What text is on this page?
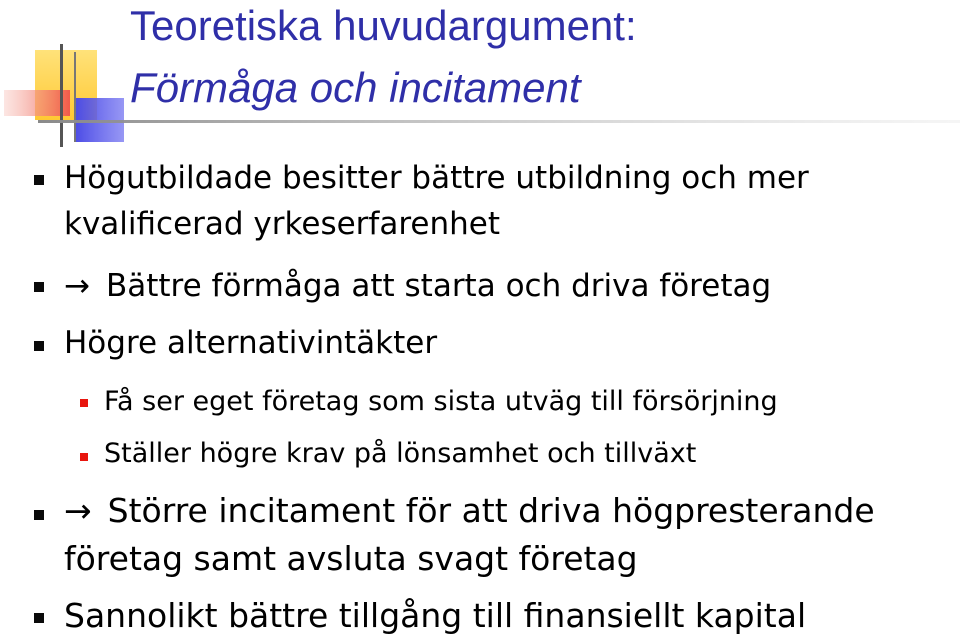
Teoretiska huvudargument:
Förmåga och incitament
Högutbildade besitter bättre utbildning och mer
kvalificerad yrkeserfarenhet
→ Bättre förmåga att starta och driva företag
Högre alternativintäkter
Få ser eget företag som sista utväg till försörjning
Ställer högre krav på lönsamhet och tillväxt
→ Större incitament för att driva högpresterande
företag samt avsluta svagt företag
Sannolikt bättre tillgång till finansiellt kapital
